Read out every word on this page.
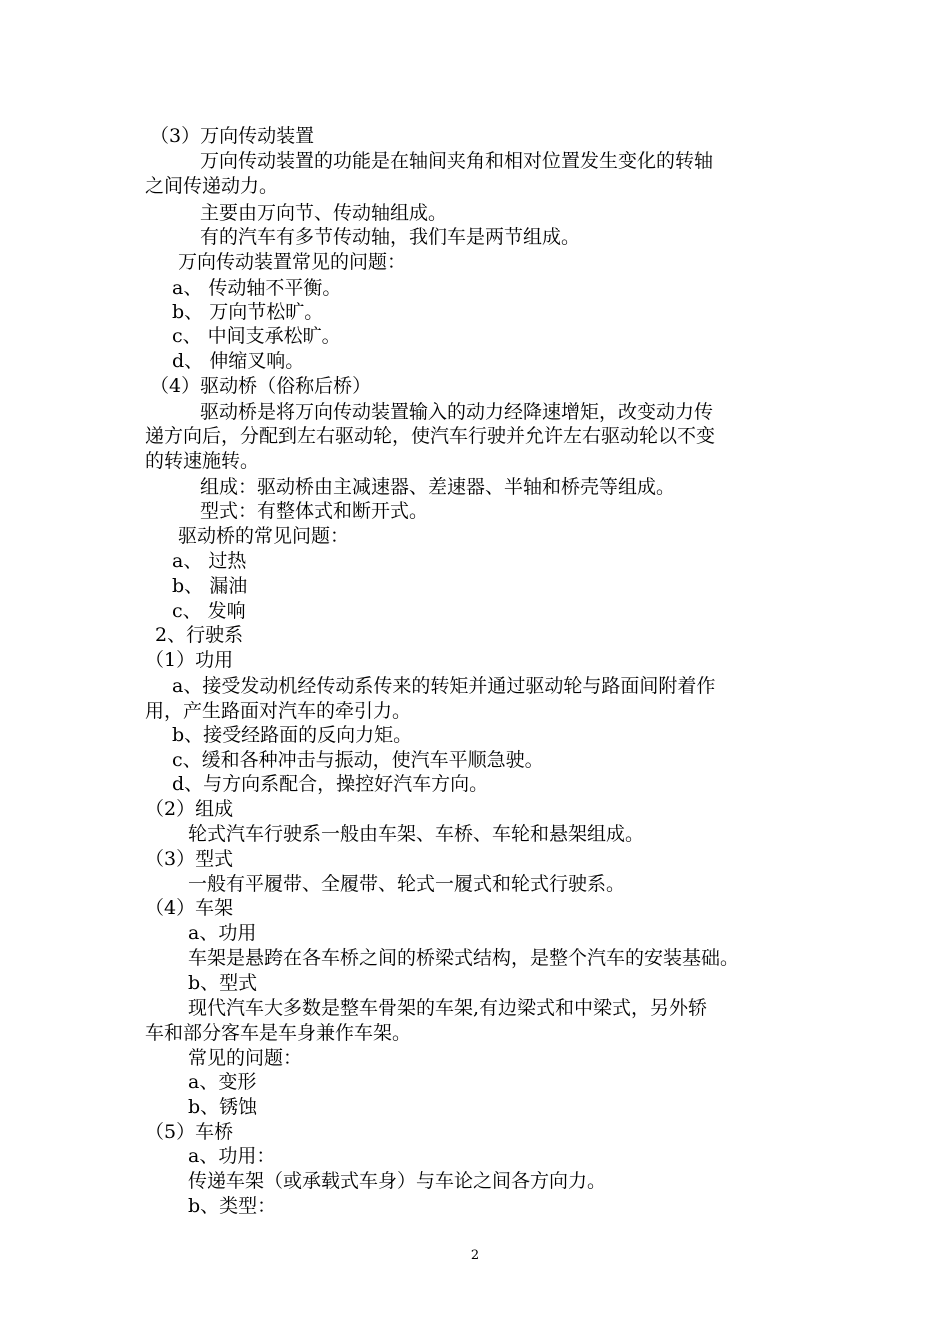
（3）万向传动装置
万向传动装置的功能是在轴间夹角和相对位置发生变化的转轴
之间传递动力。
主要由万向节、传动轴组成。
有的汽车有多节传动轴，我们车是两节组成。
万向传动装置常见的问题：
a、 传动轴不平衡。
b、 万向节松旷。
c、 中间支承松旷。
d、 伸缩叉响。
（4）驱动桥（俗称后桥）
驱动桥是将万向传动装置输入的动力经降速增矩，改变动力传
递方向后，分配到左右驱动轮，使汽车行驶并允许左右驱动轮以不变
的转速施转。
组成：驱动桥由主减速器、差速器、半轴和桥壳等组成。
型式：有整体式和断开式。
驱动桥的常见问题：
a、 过热
b、 漏油
c、 发响
2、行驶系
（1）功用
a、接受发动机经传动系传来的转矩并通过驱动轮与路面间附着作
用，产生路面对汽车的牵引力。
b、接受经路面的反向力矩。
c、缓和各种冲击与振动，使汽车平顺急驶。
d、与方向系配合，操控好汽车方向。
（2）组成
轮式汽车行驶系一般由车架、车桥、车轮和悬架组成。
（3）型式
一般有平履带、全履带、轮式一履式和轮式行驶系。
（4）车架
a、功用
车架是悬跨在各车桥之间的桥梁式结构，是整个汽车的安装基础。
b、型式
现代汽车大多数是整车骨架的车架,有边梁式和中梁式，另外轿
车和部分客车是车身兼作车架。
常见的问题：
a、变形
b、锈蚀
（5）车桥
a、功用：
传递车架（或承载式车身）与车论之间各方向力。
b、类型：
2
